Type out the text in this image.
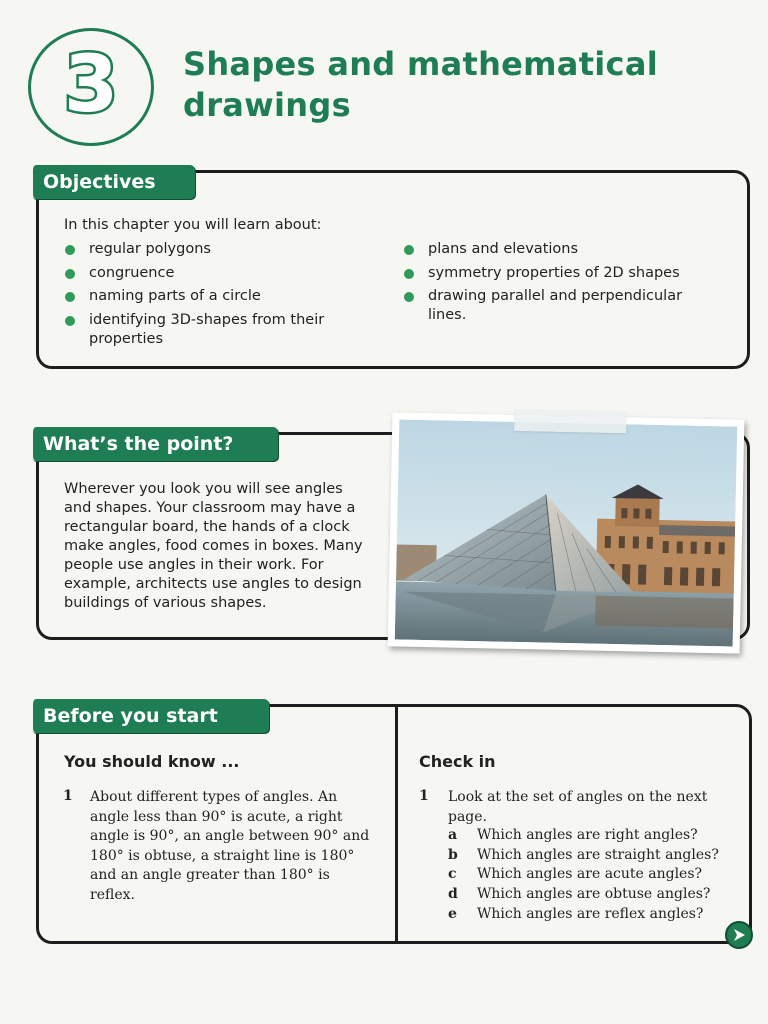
3 Shapes and mathematical
drawings
Objectives
In this chapter you will learn about:
regular polygons
congruence
naming parts of a circle
identifying 3D-shapes from their properties
plans and elevations
symmetry properties of 2D shapes
drawing parallel and perpendicular lines.
What’s the point?
Wherever you look you will see angles and shapes. Your classroom may have a rectangular board, the hands of a clock make angles, food comes in boxes. Many people use angles in their work. For example, architects use angles to design buildings of various shapes.
Before you start
You should know ...
1 About different types of angles. An angle less than 90° is acute, a right angle is 90°, an angle between 90° and 180° is obtuse, a straight line is 180° and an angle greater than 180° is reflex.
Check in
1 Look at the set of angles on the next page.
a Which angles are right angles?
b Which angles are straight angles?
c Which angles are acute angles?
d Which angles are obtuse angles?
e Which angles are reflex angles?
